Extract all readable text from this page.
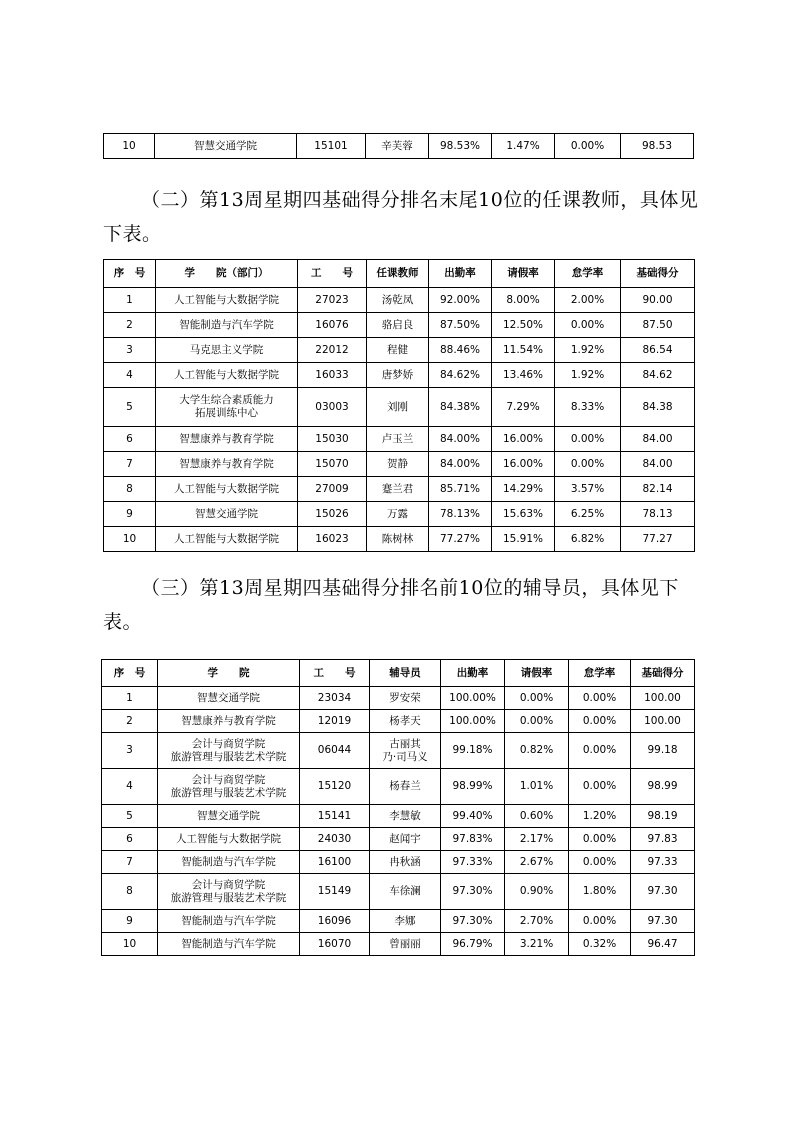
10	智慧交通学院	15101	辛芙蓉	98.53%	1.47%	0.00%	98.53
（二）第13周星期四基础得分排名末尾10位的任课教师，具体见下表。
序　号	学　　院（部门）	工　　号	任课教师	出勤率	请假率	怠学率	基础得分
1	人工智能与大数据学院	27023	汤乾凤	92.00%	8.00%	2.00%	90.00
2	智能制造与汽车学院	16076	骆启良	87.50%	12.50%	0.00%	87.50
3	马克思主义学院	22012	程健	88.46%	11.54%	1.92%	86.54
4	人工智能与大数据学院	16033	唐梦娇	84.62%	13.46%	1.92%	84.62
5	大学生综合素质能力
拓展训练中心	03003	刘刚	84.38%	7.29%	8.33%	84.38
6	智慧康养与教育学院	15030	卢玉兰	84.00%	16.00%	0.00%	84.00
7	智慧康养与教育学院	15070	贺静	84.00%	16.00%	0.00%	84.00
8	人工智能与大数据学院	27009	蹇兰君	85.71%	14.29%	3.57%	82.14
9	智慧交通学院	15026	万露	78.13%	15.63%	6.25%	78.13
10	人工智能与大数据学院	16023	陈树林	77.27%	15.91%	6.82%	77.27
（三）第13周星期四基础得分排名前10位的辅导员，具体见下表。
序　号	学　　院	工　　号	辅导员	出勤率	请假率	怠学率	基础得分
1	智慧交通学院	23034	罗安荣	100.00%	0.00%	0.00%	100.00
2	智慧康养与教育学院	12019	杨孝天	100.00%	0.00%	0.00%	100.00
3	会计与商贸学院
旅游管理与服装艺术学院	06044	古丽其
乃·司马义	99.18%	0.82%	0.00%	99.18
4	会计与商贸学院
旅游管理与服装艺术学院	15120	杨春兰	98.99%	1.01%	0.00%	98.99
5	智慧交通学院	15141	李慧敏	99.40%	0.60%	1.20%	98.19
6	人工智能与大数据学院	24030	赵闻宇	97.83%	2.17%	0.00%	97.83
7	智能制造与汽车学院	16100	冉秋涵	97.33%	2.67%	0.00%	97.33
8	会计与商贸学院
旅游管理与服装艺术学院	15149	车徐澜	97.30%	0.90%	1.80%	97.30
9	智能制造与汽车学院	16096	李娜	97.30%	2.70%	0.00%	97.30
10	智能制造与汽车学院	16070	曾丽丽	96.79%	3.21%	0.32%	96.47
